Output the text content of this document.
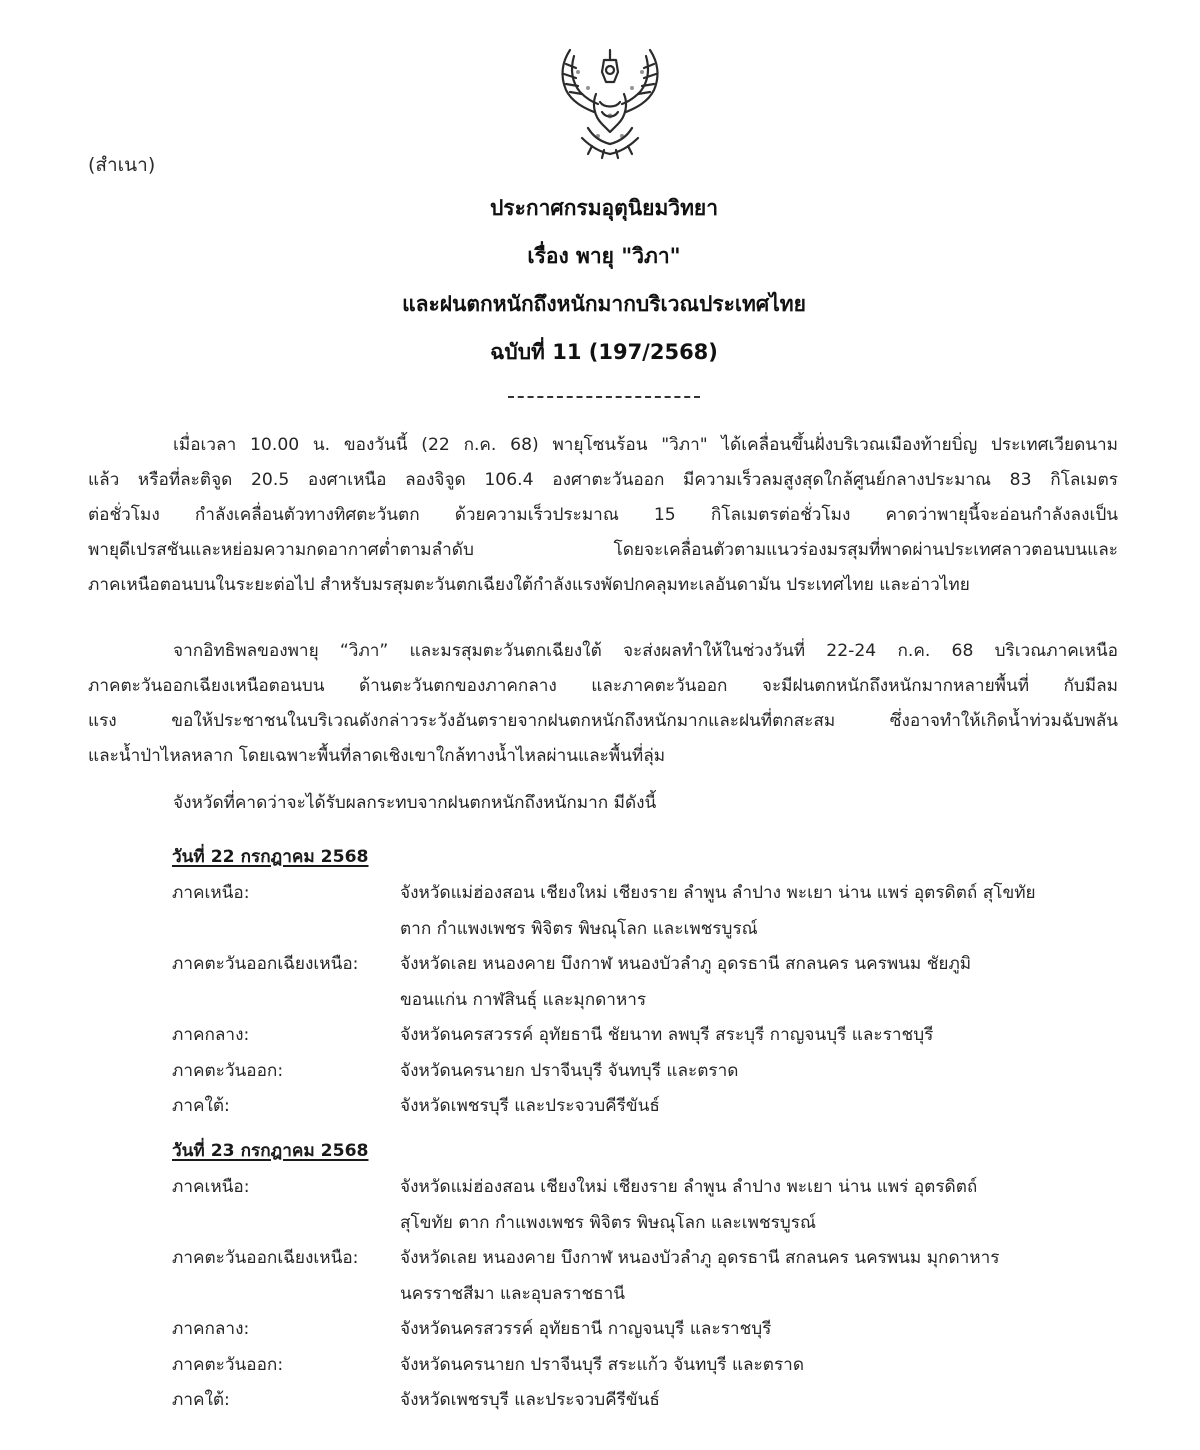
(สำเนา)
ประกาศกรมอุตุนิยมวิทยา
เรื่อง พายุ "วิภา"
และฝนตกหนักถึงหนักมากบริเวณประเทศไทย
ฉบับที่ 11 (197/2568)
เมื่อเวลา 10.00 น. ของวันนี้ (22 ก.ค. 68) พายุโซนร้อน "วิภา" ได้เคลื่อนขึ้นฝั่งบริเวณเมืองท้ายบิ่ญ ประเทศเวียดนาม
แล้ว หรือที่ละติจูด 20.5 องศาเหนือ ลองจิจูด 106.4 องศาตะวันออก มีความเร็วลมสูงสุดใกล้ศูนย์กลางประมาณ 83 กิโลเมตร
ต่อชั่วโมง กำลังเคลื่อนตัวทางทิศตะวันตก ด้วยความเร็วประมาณ 15 กิโลเมตรต่อชั่วโมง คาดว่าพายุนี้จะอ่อนกำลังลงเป็น
พายุดีเปรสชันและหย่อมความกดอากาศต่ำตามลำดับ โดยจะเคลื่อนตัวตามแนวร่องมรสุมที่พาดผ่านประเทศลาวตอนบนและ
ภาคเหนือตอนบนในระยะต่อไป สำหรับมรสุมตะวันตกเฉียงใต้กำลังแรงพัดปกคลุมทะเลอันดามัน ประเทศไทย และอ่าวไทย
จากอิทธิพลของพายุ “วิภา” และมรสุมตะวันตกเฉียงใต้ จะส่งผลทำให้ในช่วงวันที่ 22-24 ก.ค. 68 บริเวณภาคเหนือ
ภาคตะวันออกเฉียงเหนือตอนบน ด้านตะวันตกของภาคกลาง และภาคตะวันออก จะมีฝนตกหนักถึงหนักมากหลายพื้นที่ กับมีลม
แรง ขอให้ประชาชนในบริเวณดังกล่าวระวังอันตรายจากฝนตกหนักถึงหนักมากและฝนที่ตกสะสม ซึ่งอาจทำให้เกิดน้ำท่วมฉับพลัน
และน้ำป่าไหลหลาก โดยเฉพาะพื้นที่ลาดเชิงเขาใกล้ทางน้ำไหลผ่านและพื้นที่ลุ่ม
จังหวัดที่คาดว่าจะได้รับผลกระทบจากฝนตกหนักถึงหนักมาก มีดังนี้
วันที่ 22 กรกฎาคม 2568
ภาคเหนือ:	จังหวัดแม่ฮ่องสอน เชียงใหม่ เชียงราย ลำพูน ลำปาง พะเยา น่าน แพร่ อุตรดิตถ์ สุโขทัย
ตาก กำแพงเพชร พิจิตร พิษณุโลก และเพชรบูรณ์
ภาคตะวันออกเฉียงเหนือ:	จังหวัดเลย หนองคาย บึงกาฬ หนองบัวลำภู อุดรธานี สกลนคร นครพนม ชัยภูมิ
ขอนแก่น กาฬสินธุ์ และมุกดาหาร
ภาคกลาง:	จังหวัดนครสวรรค์ อุทัยธานี ชัยนาท ลพบุรี สระบุรี กาญจนบุรี และราชบุรี
ภาคตะวันออก:	จังหวัดนครนายก ปราจีนบุรี จันทบุรี และตราด
ภาคใต้:	จังหวัดเพชรบุรี และประจวบคีรีขันธ์
วันที่ 23 กรกฎาคม 2568
ภาคเหนือ:	จังหวัดแม่ฮ่องสอน เชียงใหม่ เชียงราย ลำพูน ลำปาง พะเยา น่าน แพร่ อุตรดิตถ์
สุโขทัย ตาก กำแพงเพชร พิจิตร พิษณุโลก และเพชรบูรณ์
ภาคตะวันออกเฉียงเหนือ:	จังหวัดเลย หนองคาย บึงกาฬ หนองบัวลำภู อุดรธานี สกลนคร นครพนม มุกดาหาร
นครราชสีมา และอุบลราชธานี
ภาคกลาง:	จังหวัดนครสวรรค์ อุทัยธานี กาญจนบุรี และราชบุรี
ภาคตะวันออก:	จังหวัดนครนายก ปราจีนบุรี สระแก้ว จันทบุรี และตราด
ภาคใต้:	จังหวัดเพชรบุรี และประจวบคีรีขันธ์
